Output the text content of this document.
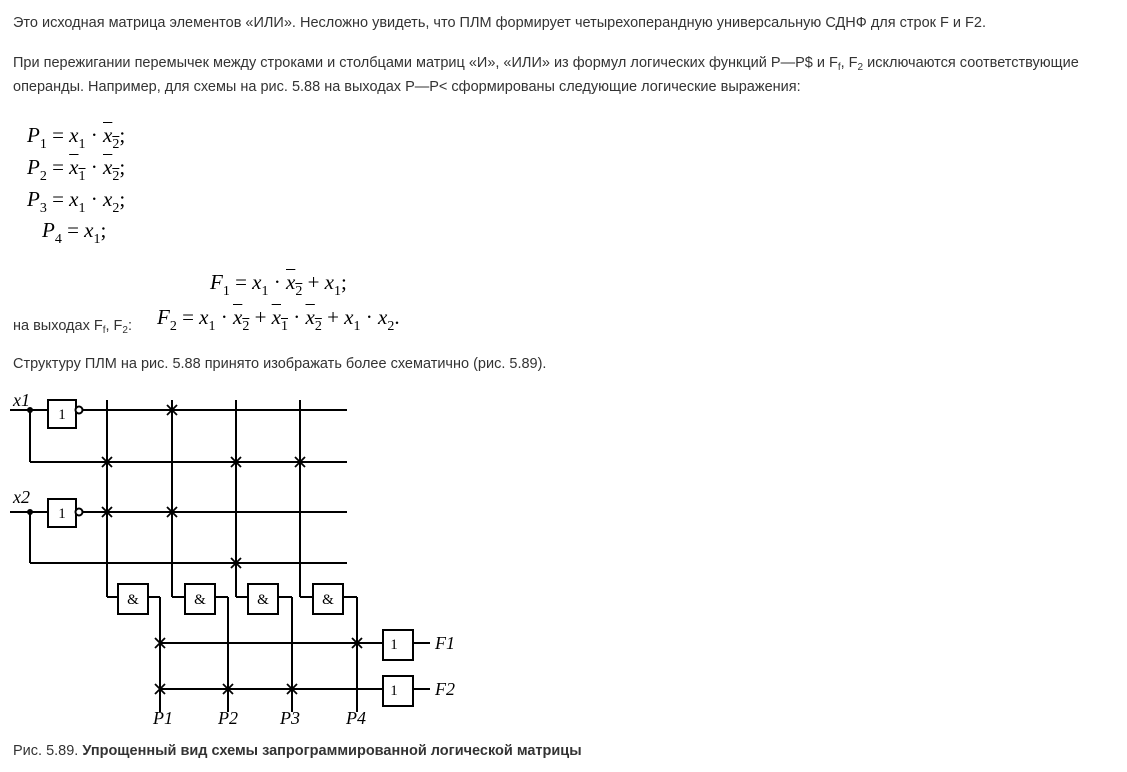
Это исходная матрица элементов «ИЛИ». Несложно увидеть, что ПЛМ формирует четырехоперандную универсальную СДНФ для строк F и F2.

При пережигании перемычек между строками и столбцами матриц «И», «ИЛИ» из формул логических функций P—P$ и $F_f$, $F_2$ исключаются соответствующие операнды. Например, для схемы на рис. 5.88 на выходах P—P< сформированы следующие логические выражения:

$P_1 = x_1 \cdot x_2$;
$P_2 = x_1 \cdot x_2$;
$P_3 = x_1 \cdot x_2$;
$P_4 = x_1$;
$F_1 = x_1 \cdot x_2 + x_1$;
$F_2 = x_1 \cdot x_2 + x_1 \cdot x_2 + x_1 \cdot x_2$.

на выходах $F_f$, $F_2$:

Структуру ПЛМ на рис. 5.88 принято изображать более схематично (рис. 5.89).

x1
x2
F1
F2
P1	P2 P3	P4
1
1
&	&	&	&
1
1
Рис. 5.89. Упрощенный вид схемы запрограммированной логической матрицы
